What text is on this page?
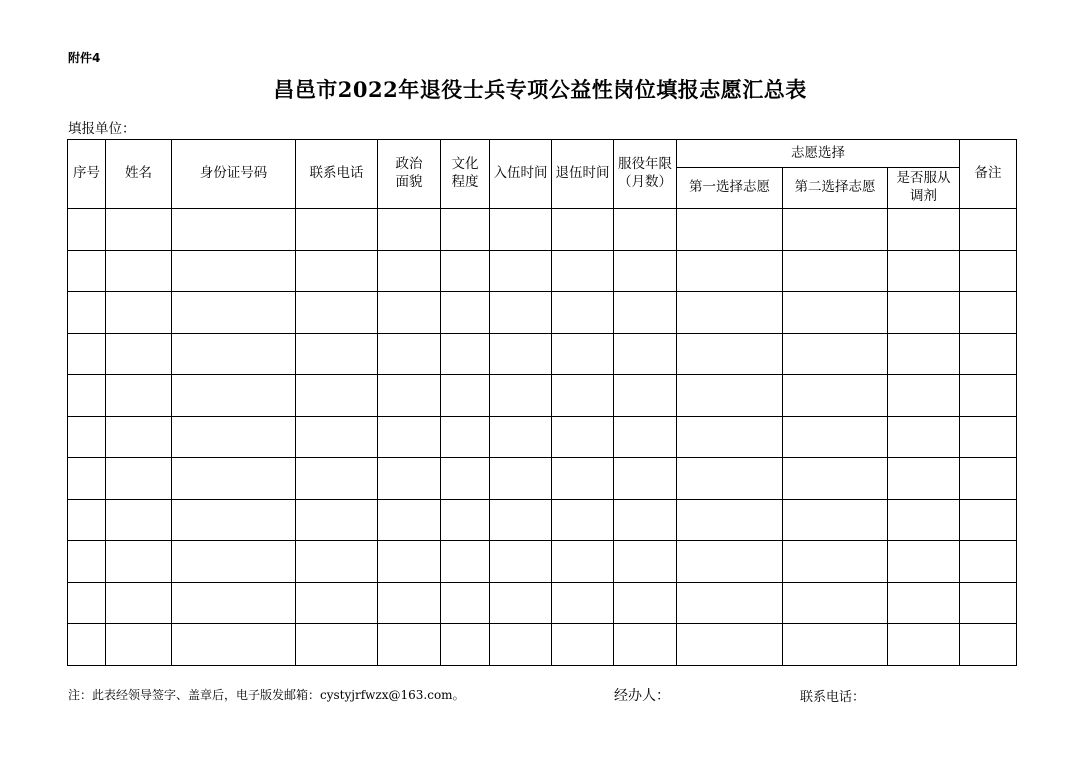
附件4
昌邑市2022年退役士兵专项公益性岗位填报志愿汇总表
填报单位：
序号	姓名	身份证号码	联系电话	政治面貌	文化程度	入伍时间	退伍时间	服役年限（月数）	志愿选择			备注
									第一选择志愿	第二选择志愿	是否服从调剂	

注：此表经领导签字、盖章后，电子版发邮箱：cystyjrfwzx@163.com。	经办人：	联系电话：
